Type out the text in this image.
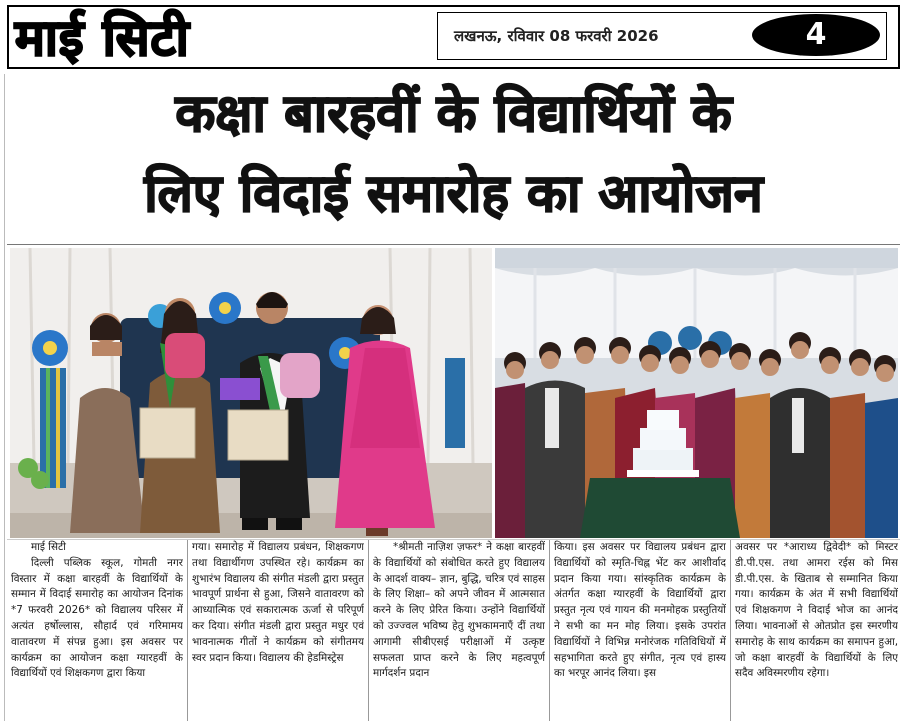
माई सिटी	लखनऊ, रविवार 08 फरवरी 2026	4
कक्षा बारहवीं के विद्यार्थियों के
लिए विदाई समारोह का आयोजन
माई सिटी

दिल्ली पब्लिक स्कूल, गोमती नगर विस्तार में कक्षा बारहवीं के विद्यार्थियों के सम्मान में विदाई समारोह का आयोजन दिनांक *7 फरवरी 2026* को विद्यालय परिसर में अत्यंत हर्षोल्लास, सौहार्द एवं गरिमामय वातावरण में संपन्न हुआ। इस अवसर पर कार्यक्रम का आयोजन कक्षा ग्यारहवीं के विद्यार्थियों एवं शिक्षकगण द्वारा किया

गया। समारोह में विद्यालय प्रबंधन, शिक्षकगण तथा विद्यार्थीगण उपस्थित रहे। कार्यक्रम का शुभारंभ विद्यालय की संगीत मंडली द्वारा प्रस्तुत भावपूर्ण प्रार्थना से हुआ, जिसने वातावरण को आध्यात्मिक एवं सकारात्मक ऊर्जा से परिपूर्ण कर दिया। संगीत मंडली द्वारा प्रस्तुत मधुर एवं भावनात्मक गीतों ने कार्यक्रम को संगीतमय स्वर प्रदान किया। विद्यालय की हेडमिस्ट्रेस

*श्रीमती नाज़िश ज़फर* ने कक्षा बारहवीं के विद्यार्थियों को संबोधित करते हुए विद्यालय के आदर्श वाक्य– ज्ञान, बुद्धि, चरित्र एवं साहस के लिए शिक्षा– को अपने जीवन में आत्मसात करने के लिए प्रेरित किया। उन्होंने विद्यार्थियों को उज्ज्वल भविष्य हेतु शुभकामनाएँ दीं तथा आगामी सीबीएसई परीक्षाओं में उत्कृष्ट सफलता प्राप्त करने के लिए महत्वपूर्ण मार्गदर्शन प्रदान

किया। इस अवसर पर विद्यालय प्रबंधन द्वारा विद्यार्थियों को स्मृति-चिह्न भेंट कर आशीर्वाद प्रदान किया गया। सांस्कृतिक कार्यक्रम के अंतर्गत कक्षा ग्यारहवीं के विद्यार्थियों द्वारा प्रस्तुत नृत्य एवं गायन की मनमोहक प्रस्तुतियों ने सभी का मन मोह लिया। इसके उपरांत विद्यार्थियों ने विभिन्न मनोरंजक गतिविधियों में सहभागिता करते हुए संगीत, नृत्य एवं हास्य का भरपूर आनंद लिया। इस

अवसर पर *आराध्य द्विवेदी* को मिस्टर डी.पी.एस. तथा आमरा रईस को मिस डी.पी.एस. के खिताब से सम्मानित किया गया। कार्यक्रम के अंत में सभी विद्यार्थियों एवं शिक्षकगण ने विदाई भोज का आनंद लिया। भावनाओं से ओतप्रोत इस स्मरणीय समारोह के साथ कार्यक्रम का समापन हुआ, जो कक्षा बारहवीं के विद्यार्थियों के लिए सदैव अविस्मरणीय रहेगा।
